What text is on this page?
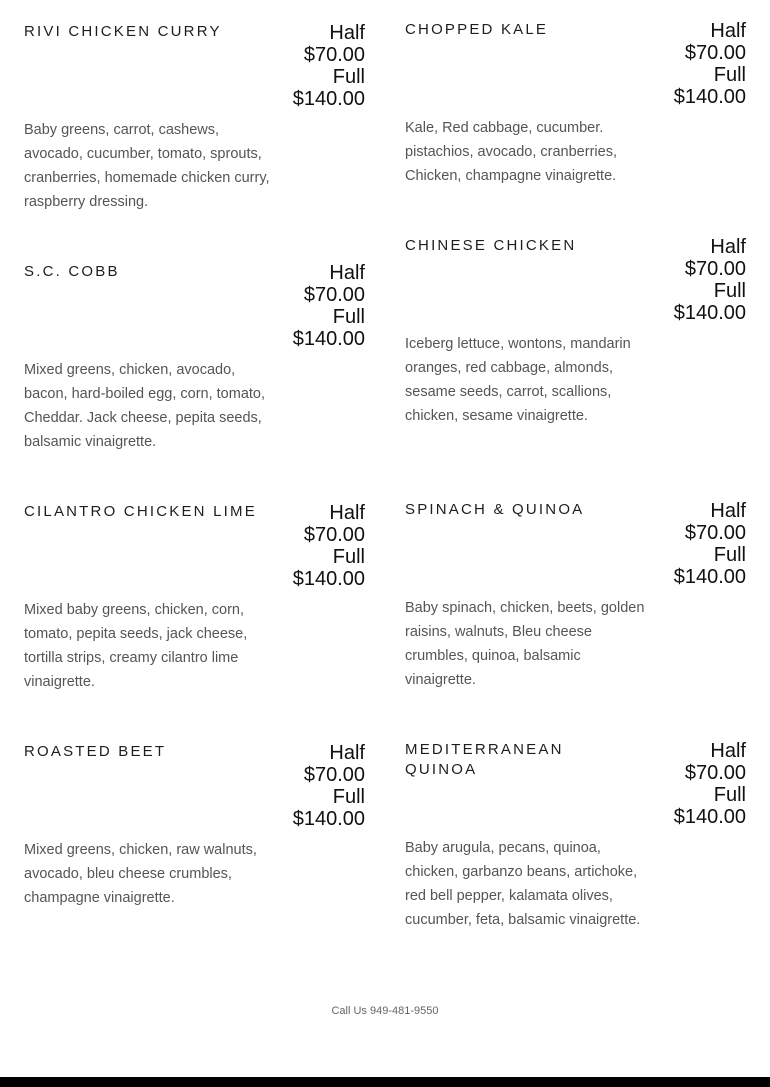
RIVI CHICKEN CURRY	Half
$70.00
Full
$140.00

Baby greens, carrot, cashews, avocado, cucumber, tomato, sprouts, cranberries, homemade chicken curry, raspberry dressing.

S.C. COBB	Half
$70.00
Full
$140.00

Mixed greens, chicken, avocado, bacon, hard-boiled egg, corn, tomato, Cheddar. Jack cheese, pepita seeds, balsamic vinaigrette.

CILANTRO CHICKEN LIME	Half
$70.00
Full
$140.00

Mixed baby greens, chicken, corn, tomato, pepita seeds, jack cheese, tortilla strips, creamy cilantro lime vinaigrette.

ROASTED BEET	Half
$70.00
Full
$140.00

Mixed greens, chicken, raw walnuts, avocado, bleu cheese crumbles, champagne vinaigrette.

CHOPPED KALE	Half
$70.00
Full
$140.00

Kale, Red cabbage, cucumber. pistachios, avocado, cranberries, Chicken, champagne vinaigrette.

CHINESE CHICKEN	Half
$70.00
Full
$140.00

Iceberg lettuce, wontons, mandarin oranges, red cabbage, almonds, sesame seeds, carrot, scallions, chicken, sesame vinaigrette.

SPINACH & QUINOA	Half
$70.00
Full
$140.00

Baby spinach, chicken, beets, golden raisins, walnuts, Bleu cheese crumbles, quinoa, balsamic vinaigrette.

MEDITERRANEAN QUINOA
Half
$70.00
Full
$140.00

Baby arugula, pecans, quinoa, chicken, garbanzo beans, artichoke, red bell pepper, kalamata olives, cucumber, feta, balsamic vinaigrette.

Call Us 949-481-9550
